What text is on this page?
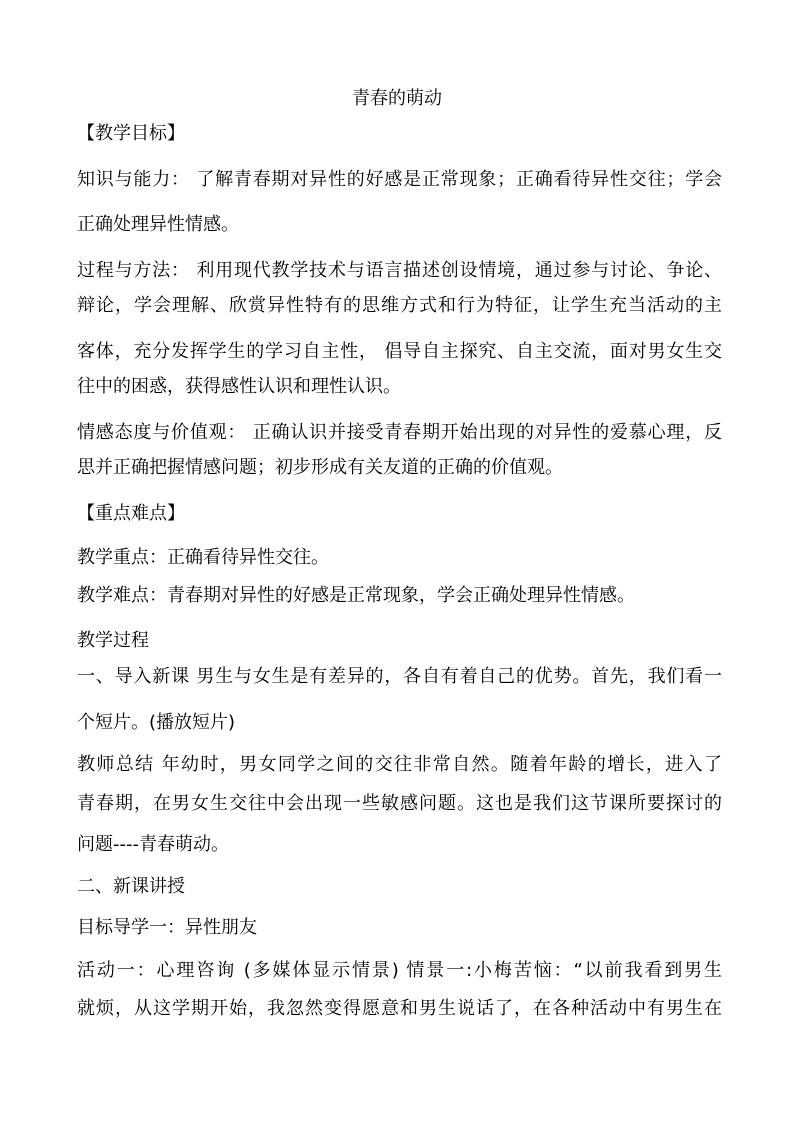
青春的萌动
【教学目标】
知识与能力： 了解青春期对异性的好感是正常现象；正确看待异性交往；学会
正确处理异性情感。
过程与方法： 利用现代教学技术与语言描述创设情境，通过参与讨论、争论、
辩论，学会理解、欣赏异性特有的思维方式和行为特征，让学生充当活动的主
客体，充分发挥学生的学习自主性， 倡导自主探究、自主交流，面对男女生交
往中的困惑，获得感性认识和理性认识。
情感态度与价值观： 正确认识并接受青春期开始出现的对异性的爱慕心理，反
思并正确把握情感问题；初步形成有关友道的正确的价值观。
【重点难点】
教学重点：正确看待异性交往。
教学难点：青春期对异性的好感是正常现象，学会正确处理异性情感。
教学过程
一、导入新课 男生与女生是有差异的，各自有着自己的优势。首先，我们看一
个短片。(播放短片)
教师总结 年幼时，男女同学之间的交往非常自然。随着年龄的增长，进入了
青春期，在男女生交往中会出现一些敏感问题。这也是我们这节课所要探讨的
问题----青春萌动。
二、新课讲授
目标导学一：异性朋友
活动一：心理咨询 (多媒体显示情景) 情景一:小梅苦恼：“以前我看到男生
就烦，从这学期开始，我忽然变得愿意和男生说话了，在各种活动中有男生在
